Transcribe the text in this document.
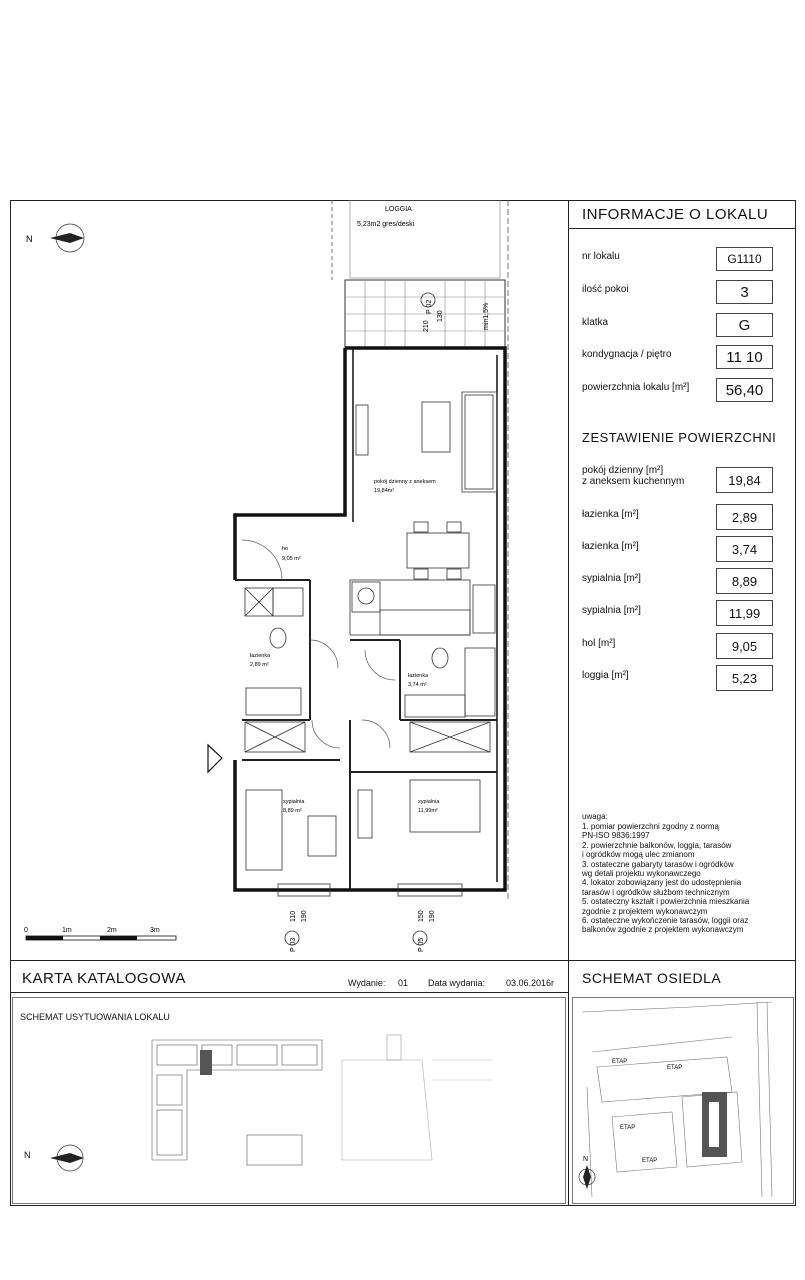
INFORMACJE O LOKALU
nr lokalu	G1110
ilość pokoi	3
klatka	G
kondygnacja / piętro	11 10
powierzchnia lokalu [m²]	56,40
ZESTAWIENIE POWIERZCHNI
pokój dzienny [m²]
z aneksem kuchennym	19,84
łazienka [m²]	2,89
łazienka [m²]	3,74
sypialnia [m²]	8,89
sypialnia [m²]	11,99
hol [m²]	9,05
loggia [m²]	5,23
uwaga:
1. pomiar powierzchni zgodny z normą
PN-ISO 9836:1997
2. powierzchnie balkonów, loggia, tarasów
i ogródków mogą ulec zmianom
3. ostateczne gabaryty tarasów i ogródków
wg detali projektu wykonawczego
4. lokator zobowiązany jest do udostępnienia
tarasów i ogródków służbom technicznym
5. ostateczny kształt i powierzchnia mieszkania
zgodnie z projektem wykonawczym
6. ostateczne wykończenie tarasów, loggii oraz
balkonów zgodnie z projektem wykonawczym
KARTA KATALOGOWA	Wydanie: 01 Data wydania: 03.06.2016r SCHEMAT OSIEDLA
SCHEMAT USYTUOWANIA LOKALU
LOGGIA
5,23m2 gres/deski
min1,5%
P 02
130
210
pokój dzienny z aneksem
19,84m²
ho
9,05 m²
łazienka
2,89 m²
łazienka
3,74 m²
sypialnia
8,89 m²
sypialnia
11,99m²
P 03
110 190
P 05
150 190
N
0	1m	2m	3m
N
ETAP
ETAP
ETAP
ETAP
N
